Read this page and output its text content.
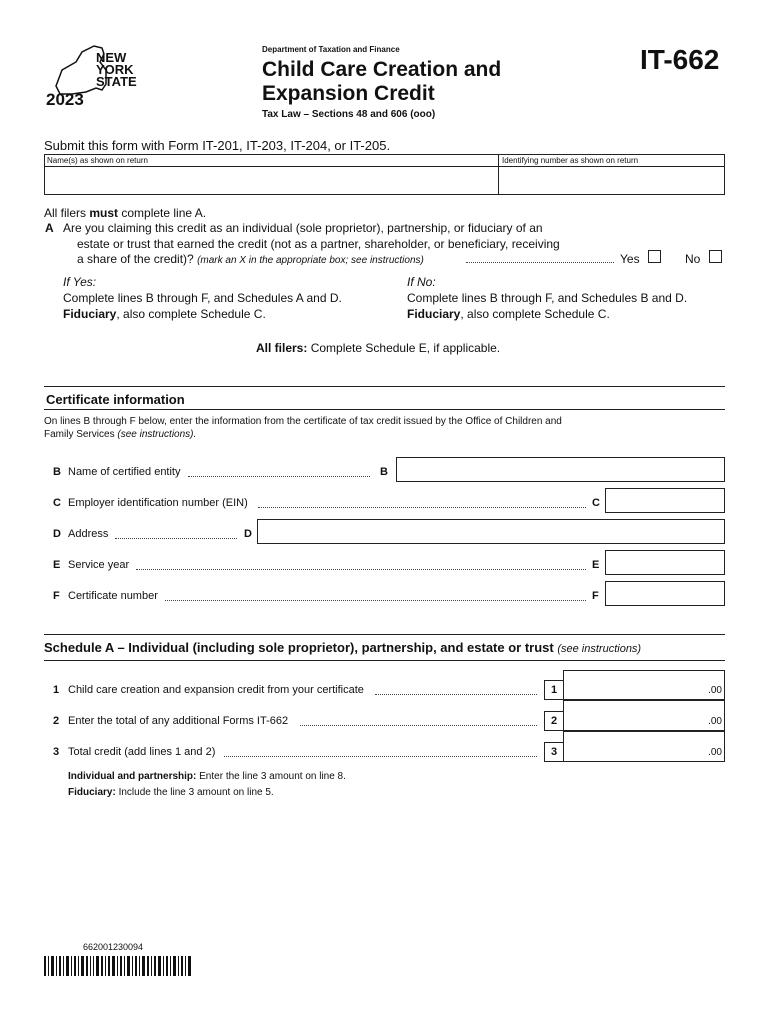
NEW
YORK
STATE
2023
Department of Taxation and Finance
Child Care Creation and
Expansion Credit
Tax Law – Sections 48 and 606 (ooo)
IT-662
Submit this form with Form IT-201, IT-203, IT-204, or IT-205.
Name(s) as shown on return	Identifying number as shown on return
All filers must complete line A.
A Are you claiming this credit as an individual (sole proprietor), partnership, or fiduciary of an
estate or trust that earned the credit (not as a partner, shareholder, or beneficiary, receiving
a share of the credit)? (mark an X in the appropriate box; see instructions)	Yes	No
If Yes:
Complete lines B through F, and Schedules A and D.
Fiduciary, also complete Schedule C.
If No:
Complete lines B through F, and Schedules B and D.
Fiduciary, also complete Schedule C.
All filers: Complete Schedule E, if applicable.
Certificate information
On lines B through F below, enter the information from the certificate of tax credit issued by the Office of Children and
Family Services (see instructions).
B Name of certified entity	B
C Employer identification number (EIN)	C
D Address	D
E Service year	E
F Certificate number	F
Schedule A – Individual (including sole proprietor), partnership, and estate or trust (see instructions)
1 Child care creation and expansion credit from your certificate	1	.00
2 Enter the total of any additional Forms IT-662	2	.00
3 Total credit (add lines 1 and 2)	3	.00
Individual and partnership: Enter the line 3 amount on line 8.
Fiduciary: Include the line 3 amount on line 5.
662001230094
